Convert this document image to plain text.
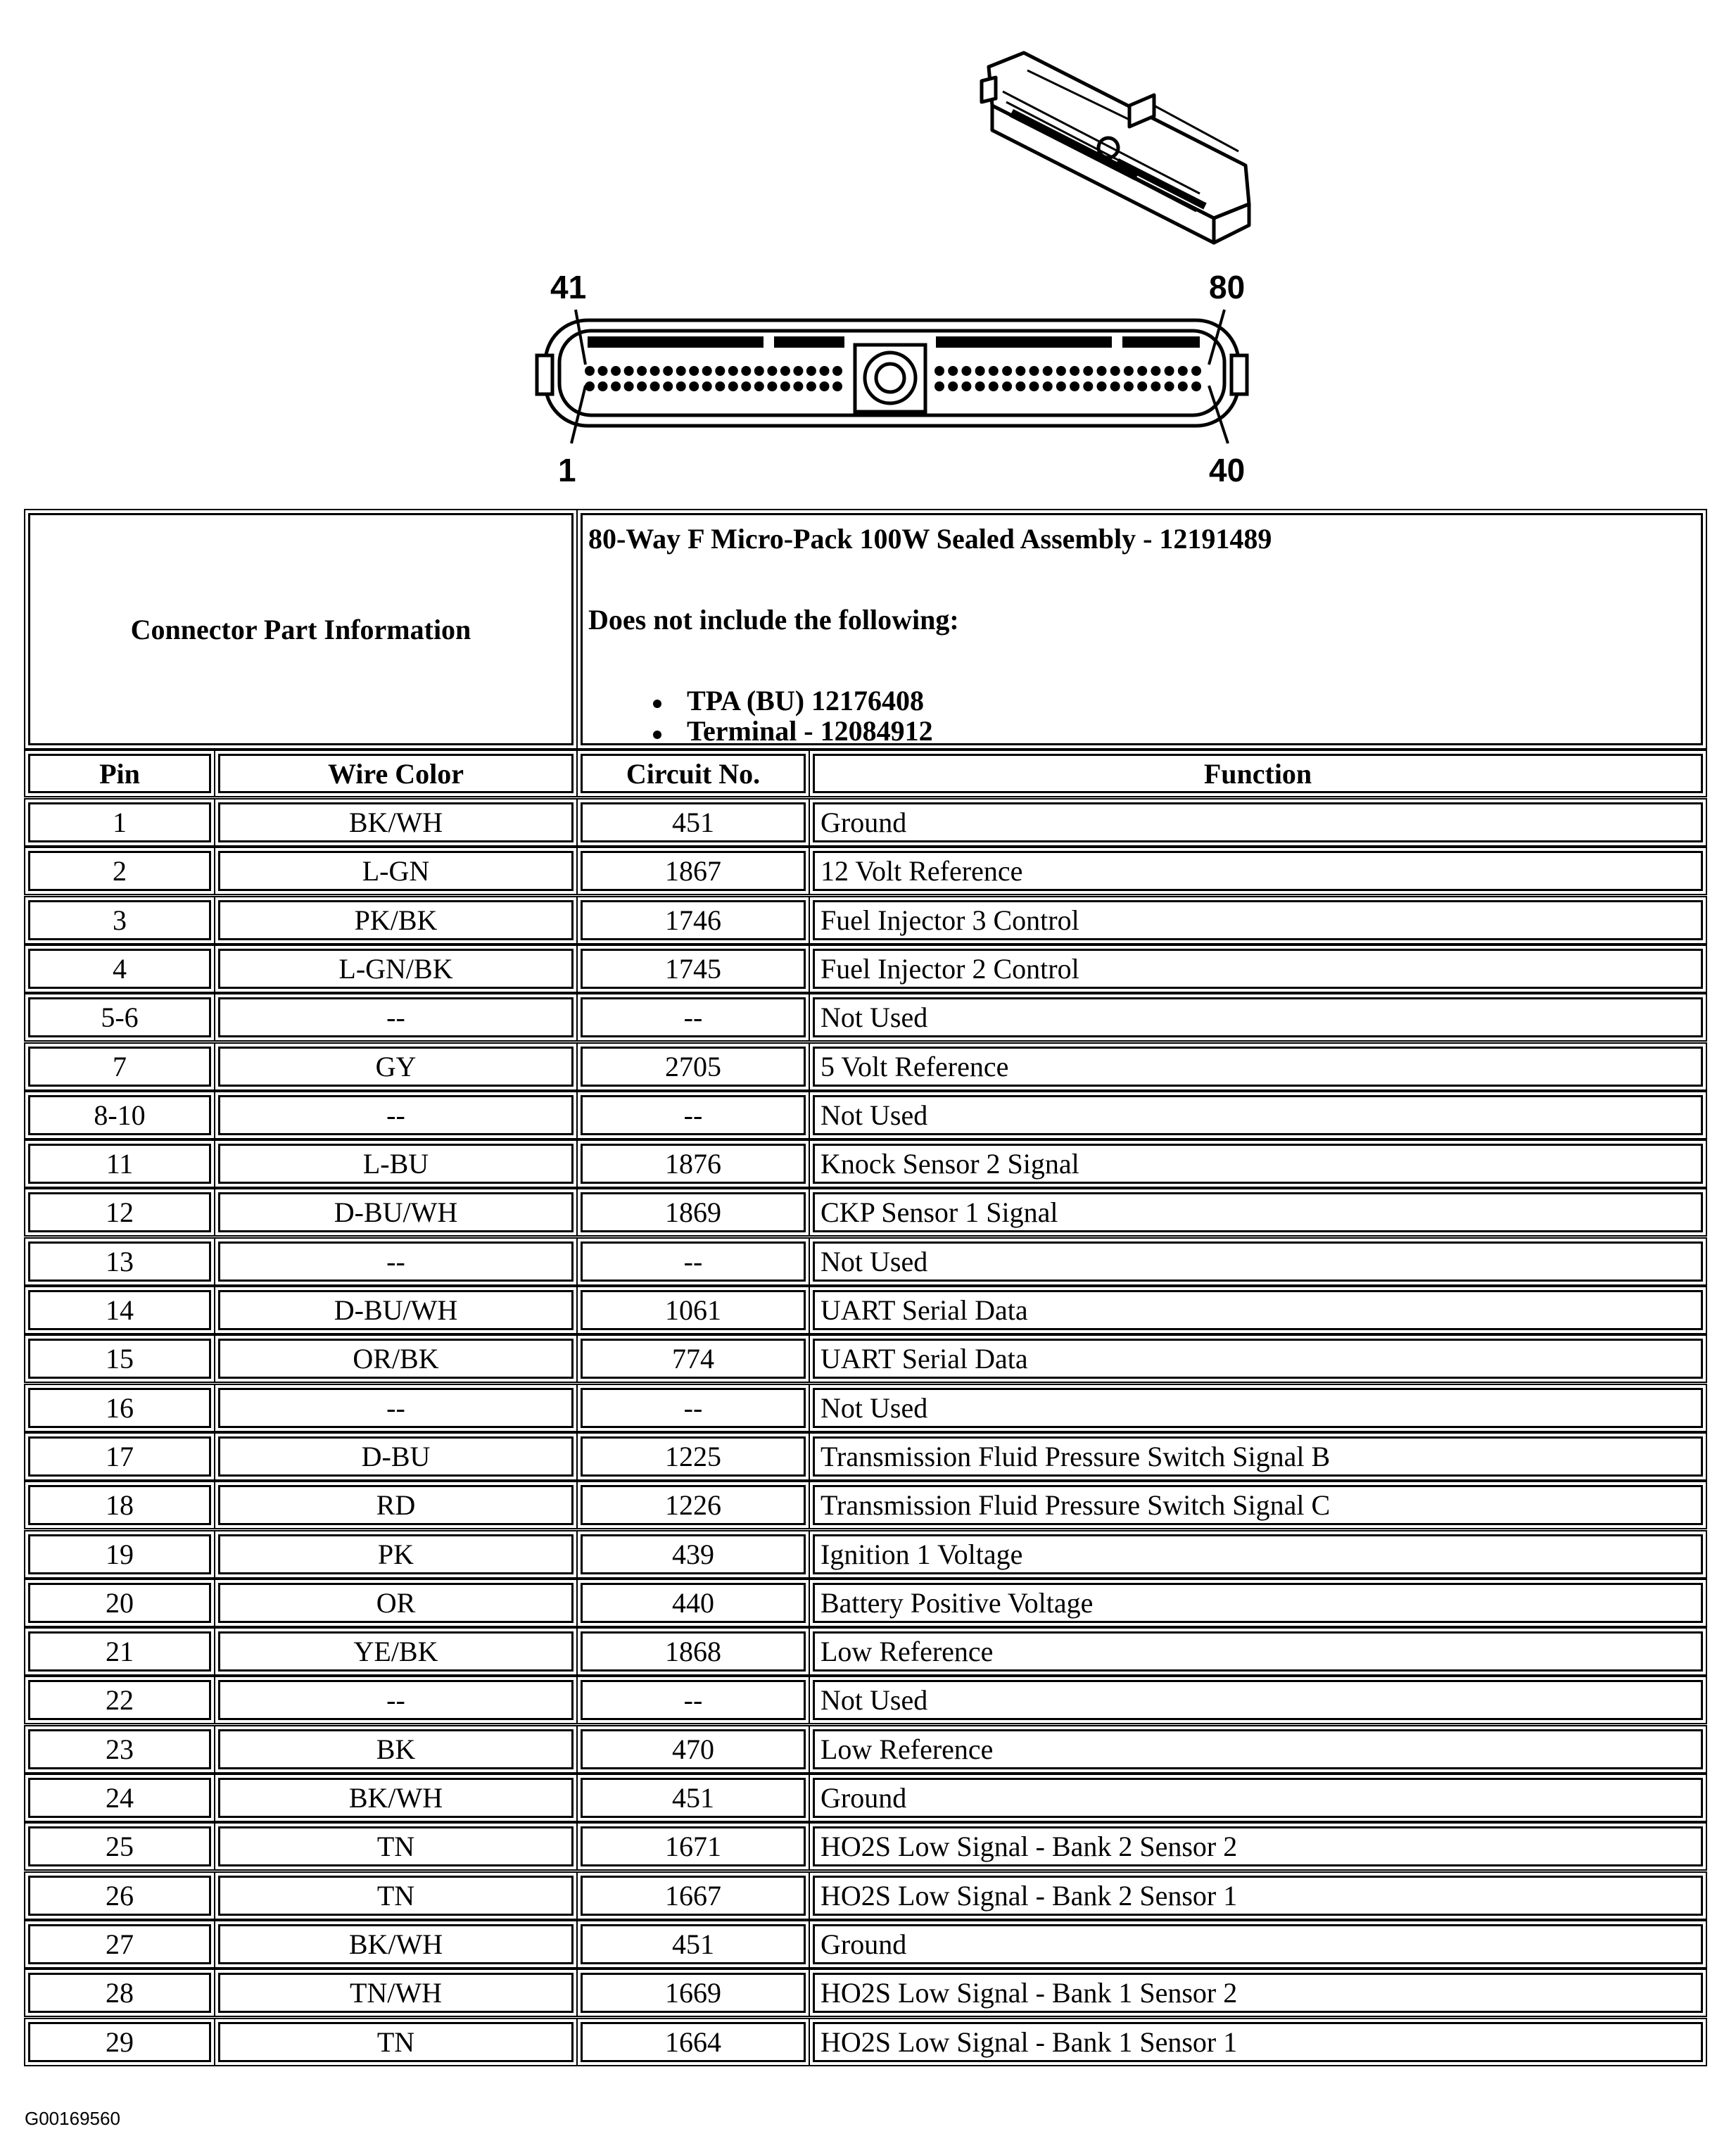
41	80
1	40
Connector Part Information
80-Way F Micro-Pack 100W Sealed Assembly - 12191489
Does not include the following:
TPA (BU) 12176408
Terminal - 12084912
Pin	Wire Color	Circuit No.	Function
1	BK/WH	451	Ground
2	L-GN	1867	12 Volt Reference
3	PK/BK	1746	Fuel Injector 3 Control
4	L-GN/BK	1745	Fuel Injector 2 Control
5-6	--	--	Not Used
7	GY	2705	5 Volt Reference
8-10	--	--	Not Used
11	L-BU	1876	Knock Sensor 2 Signal
12	D-BU/WH	1869	CKP Sensor 1 Signal
13	--	--	Not Used
14	D-BU/WH	1061	UART Serial Data
15	OR/BK	774	UART Serial Data
16	--	--	Not Used
17	D-BU	1225	Transmission Fluid Pressure Switch Signal B
18	RD	1226	Transmission Fluid Pressure Switch Signal C
19	PK	439	Ignition 1 Voltage
20	OR	440	Battery Positive Voltage
21	YE/BK	1868	Low Reference
22	--	--	Not Used
23	BK	470	Low Reference
24	BK/WH	451	Ground
25	TN	1671	HO2S Low Signal - Bank 2 Sensor 2
26	TN	1667	HO2S Low Signal - Bank 2 Sensor 1
27	BK/WH	451	Ground
28	TN/WH	1669	HO2S Low Signal - Bank 1 Sensor 2
29	TN	1664	HO2S Low Signal - Bank 1 Sensor 1
G00169560
